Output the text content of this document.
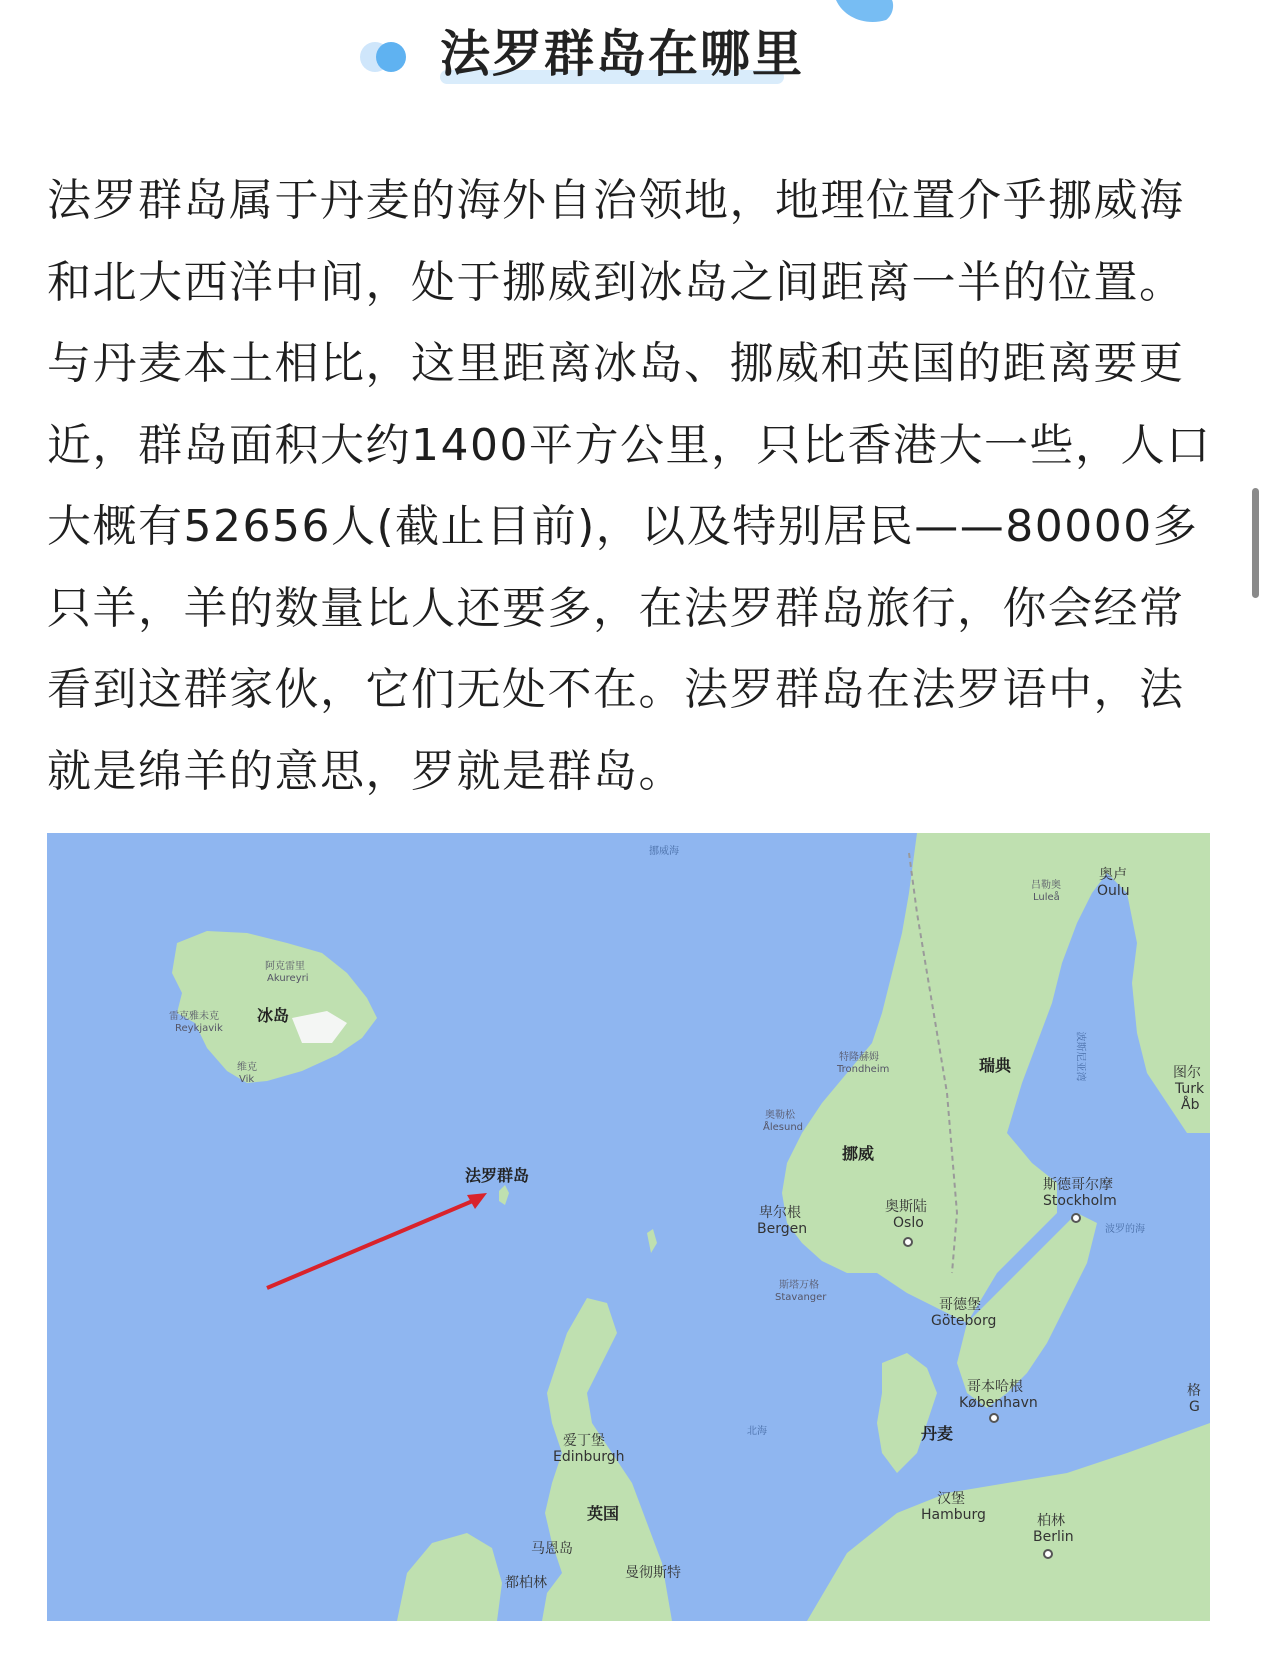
法罗群岛在哪里

法罗群岛属于丹麦的海外自治领地，地理位置介乎挪威海和北大西洋中间，处于挪威到冰岛之间距离一半的位置。与丹麦本土相比，这里距离冰岛、挪威和英国的距离要更近，群岛面积大约1400平方公里，只比香港大一些，人口大概有52656人(截止目前)，以及特别居民——80000多只羊，羊的数量比人还要多，在法罗群岛旅行，你会经常看到这群家伙，它们无处不在。法罗群岛在法罗语中，法就是绵羊的意思，罗就是群岛。

挪威海
北海
波罗的海
波斯尼亚湾
冰岛
阿克雷里
Akureyri
雷克雅未克
Reykjavik
维克
Vik
法罗群岛
挪威
瑞典
特隆赫姆
Trondheim
奥勒松
Ålesund
卑尔根
Bergen
奥斯陆
Oslo
斯塔万格
Stavanger	哥德堡
Göteborg
斯德哥尔摩
Stockholm
吕勒奥
Luleå
奥卢
Oulu
图尔
Turk
Åb
哥本哈根
København
丹麦
汉堡
Hamburg	柏林
Berlin
格
G
爱丁堡
Edinburgh
英国
马恩岛
都柏林
曼彻斯特
